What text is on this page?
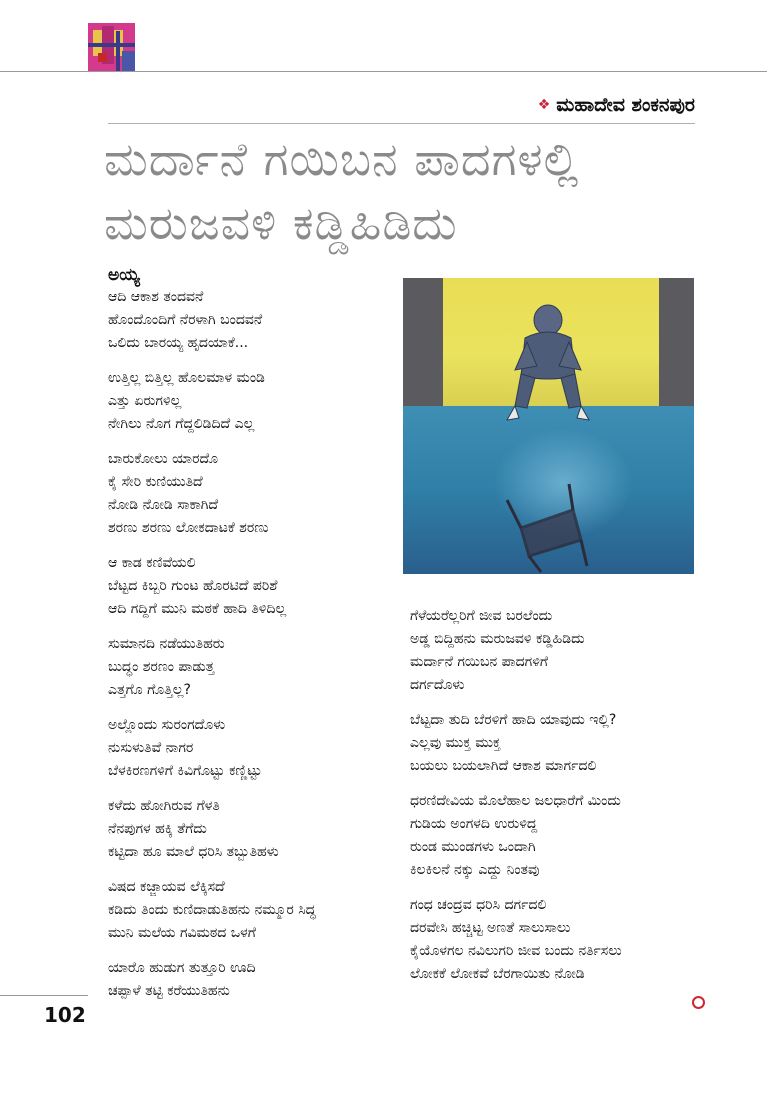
❖ ಮಹಾದೇವ ಶಂಕನಪುರ
ಮರ್ದಾನೆ ಗಯಿಬನ ಪಾದಗಳಲ್ಲಿ
ಮರುಜವಳಿ ಕಡ್ಡಿಹಿಡಿದು
ಅಯ್ಯ
ಆದಿ ಆಕಾಶ ತಂದವನೆ
ಹೊಂದೊಂದಿಗೆ ನೆರಳಾಗಿ ಬಂದವನೆ
ಒಲಿದು ಬಾರಯ್ಯ ಹೃದಯಾಕೆ...
ಉತ್ತಿಲ್ಲ ಬಿತ್ತಿಲ್ಲ ಹೊಲಮಾಳ ಮಂಡಿ
ಎತ್ತು ಏರುಗಳಿಲ್ಲ
ನೇಗಿಲು ನೊಗ ಗೆದ್ದಲಿಡಿದಿದೆ ಎಲ್ಲ
ಬಾರುಕೋಲು ಯಾರದೊ
ಕೈ ಸೇರಿ ಕುಣಿಯುತಿದೆ
ನೋಡಿ ನೋಡಿ ಸಾಕಾಗಿದೆ
ಶರಣು ಶರಣು ಲೋಕದಾಟಕೆ ಶರಣು
ಆ ಕಾಡ ಕಣಿವೆಯಲಿ
ಬೆಟ್ಟದ ಕಿಬ್ಬರಿ ಗುಂಟ ಹೊರಟಿದೆ ಪರಿಶೆ
ಆದಿ ಗದ್ದಿಗೆ ಮುನಿ ಮಠಕೆ ಹಾದಿ ತಿಳಿದಿಲ್ಲ
ಸುಮಾನದಿ ನಡೆಯುತಿಹರು
ಬುದ್ಧಂ ಶರಣಂ ಪಾಡುತ್ತ
ಎತ್ತಗೊ ಗೊತ್ತಿಲ್ಲ?
ಅಲ್ಲೊಂದು ಸುರಂಗದೊಳು
ನುಸುಳುತಿವೆ ನಾಗರ
ಬೆಳಕಿರಣಗಳಿಗೆ ಕಿವಿಗೊಟ್ಟು ಕಣ್ಣಿಟ್ಟು
ಕಳೆದು ಹೋಗಿರುವ ಗೆಳತಿ
ನೆನಪುಗಳ ಹಕ್ಕಿ ತೆಗೆದು
ಕಟ್ಟಿದಾ ಹೂ ಮಾಲೆ ಧರಿಸಿ ತಬ್ಬುತಿಹಳು
ವಿಷದ ಕಜ್ಜಾಯವ ಲೆಕ್ಕಿಸದೆ
ಕಡಿದು ತಿಂದು ಕುಣಿದಾಡುತಿಹನು ನಮ್ಮೂರ ಸಿದ್ಧ
ಮುನಿ ಮಲೆಯ ಗವಿಮಠದ ಒಳಗೆ
ಯಾರೊ ಹುಡುಗ ತುತ್ತೂರಿ ಊದಿ
ಚಪ್ಪಾಳೆ ತಟ್ಟಿ ಕರೆಯುತಿಹನು
ಗೆಳೆಯರೆಲ್ಲರಿಗೆ ಜೀವ ಬರಲೆಂದು
ಅಡ್ಡ ಬಿದ್ದಿಹನು ಮರುಜವಳಿ ಕಡ್ಡಿಹಿಡಿದು
ಮರ್ದಾನೆ ಗಯಿಬನ ಪಾದಗಳಿಗೆ
ದರ್ಗದೊಳು
ಬೆಟ್ಟದಾ ತುದಿ ಬೆರಳಿಗೆ ಹಾದಿ ಯಾವುದು ಇಲ್ಲಿ?
ಎಲ್ಲವು ಮುಕ್ತ ಮುಕ್ತ
ಬಯಲು ಬಯಲಾಗಿದೆ ಆಕಾಶ ಮಾರ್ಗದಲಿ
ಧರಣಿದೇವಿಯ ಮೊಲೆಹಾಲ ಜಲಧಾರೆಗೆ ಮಿಂದು
ಗುಡಿಯ ಅಂಗಳದಿ ಉರುಳಿದ್ದ
ರುಂಡ ಮುಂಡಗಳು ಒಂದಾಗಿ
ಕಿಲಕಿಲನೆ ನಕ್ಕು ಎದ್ದು ನಿಂತವು
ಗಂಧ ಚಂದ್ರವ ಧರಿಸಿ ದರ್ಗದಲಿ
ದರವೇಸಿ ಹಚ್ಚಿಟ್ಟ ಅಣತೆ ಸಾಲುಸಾಲು
ಕೈಯೊಳಗಲ ನವಿಲುಗರಿ ಜೀವ ಬಂದು ನರ್ತಿಸಲು
ಲೋಕಕೆ ಲೋಕವೆ ಬೆರಗಾಯಿತು ನೋಡಿ
102
